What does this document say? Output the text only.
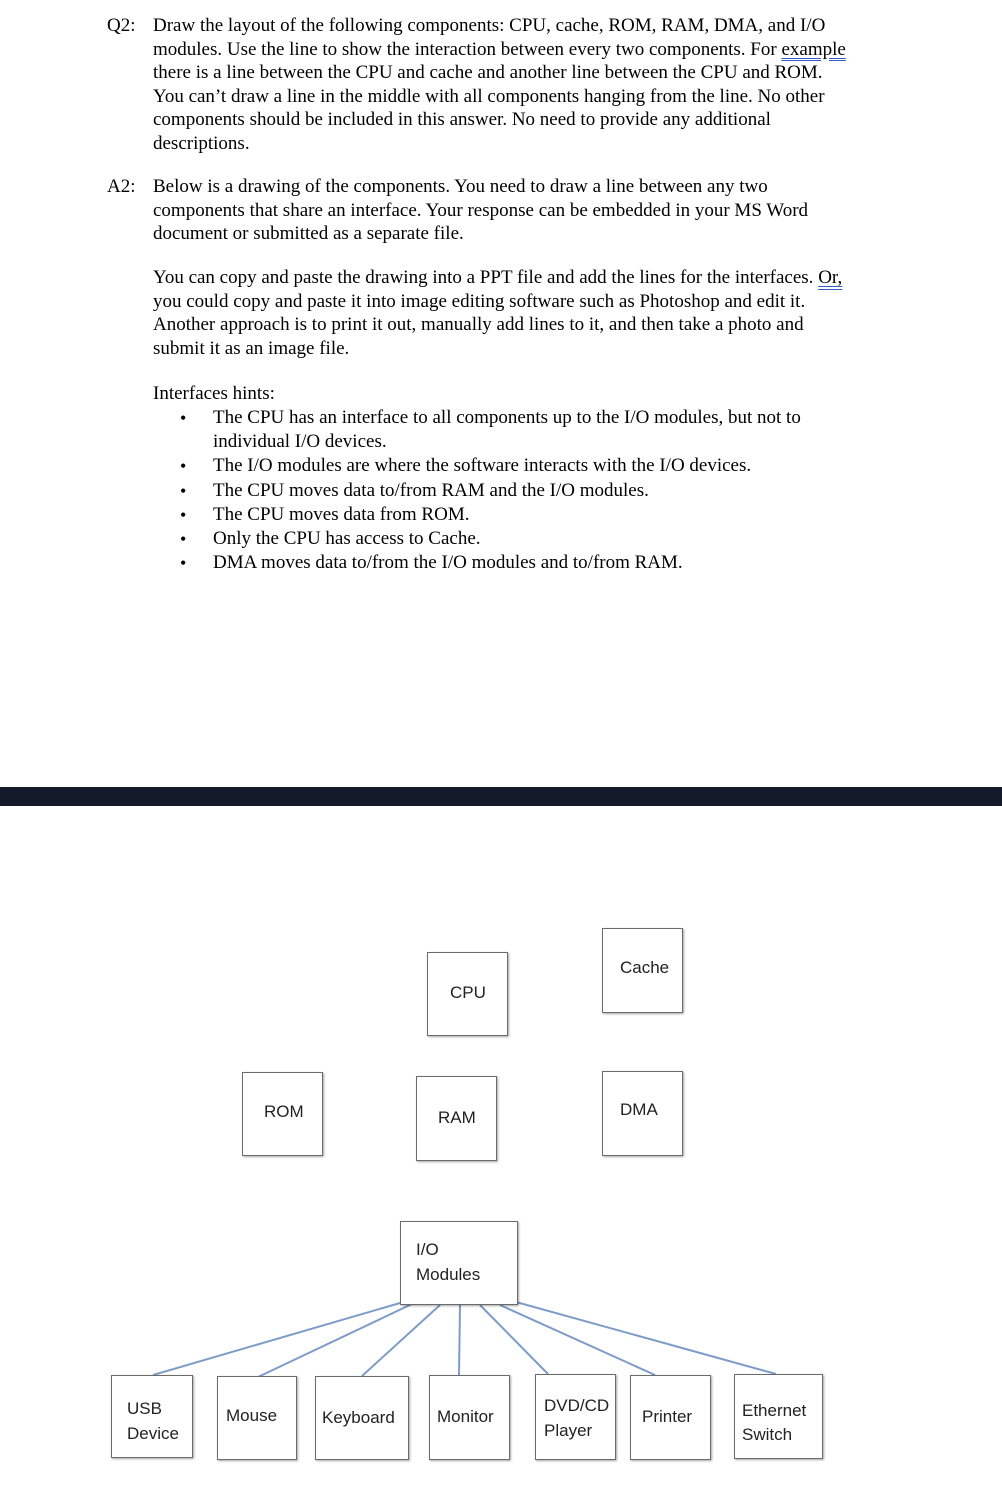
Q2: Draw the layout of the following components: CPU, cache, ROM, RAM, DMA, and I/O
modules. Use the line to show the interaction between every two components. For example
there is a line between the CPU and cache and another line between the CPU and ROM.
You can’t draw a line in the middle with all components hanging from the line. No other
components should be included in this answer. No need to provide any additional
descriptions.
A2: Below is a drawing of the components. You need to draw a line between any two
components that share an interface. Your response can be embedded in your MS Word
document or submitted as a separate file.
You can copy and paste the drawing into a PPT file and add the lines for the interfaces. Or,
you could copy and paste it into image editing software such as Photoshop and edit it.
Another approach is to print it out, manually add lines to it, and then take a photo and
submit it as an image file.
Interfaces hints:
• The CPU has an interface to all components up to the I/O modules, but not to individual I/O devices.
• The I/O modules are where the software interacts with the I/O devices.
• The CPU moves data to/from RAM and the I/O modules.
• The CPU moves data from ROM.
• Only the CPU has access to Cache.
• DMA moves data to/from the I/O modules and to/from RAM.
CPU
Cache
ROM	RAM	DMA
I/O
Modules
USB
Device
Mouse	Keyboard Monitor
DVD/CD
Player
Printer	Ethernet
Switch
